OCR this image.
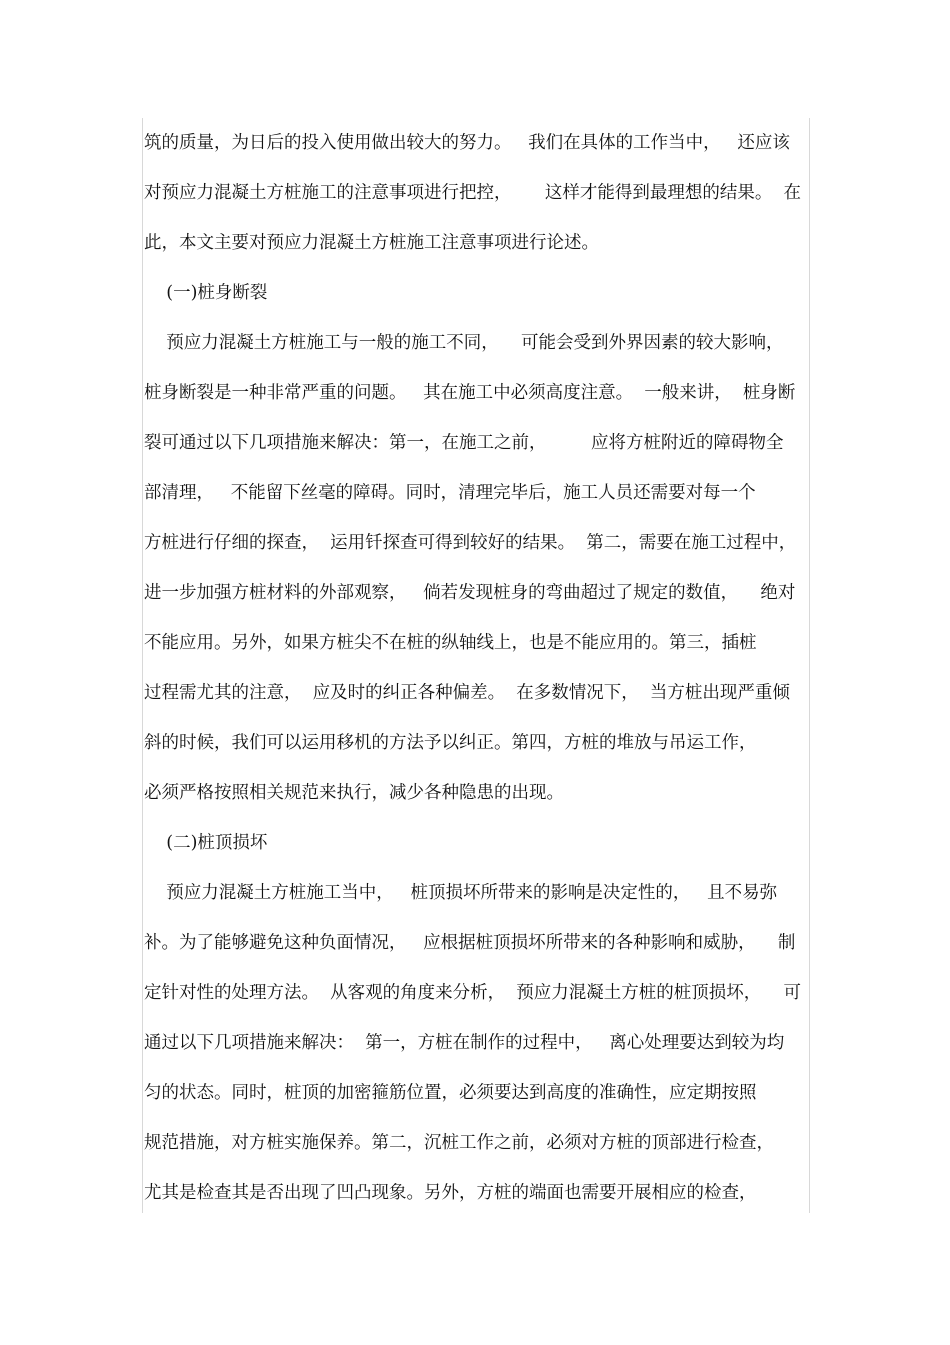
筑的质量，为日后的投入使用做出较大的努力。   我们在具体的工作当中，   还应该
对预应力混凝土方桩施工的注意事项进行把控，      这样才能得到最理想的结果。  在
此，本文主要对预应力混凝土方桩施工注意事项进行论述。
(一)桩身断裂
预应力混凝土方桩施工与一般的施工不同，    可能会受到外界因素的较大影响，
桩身断裂是一种非常严重的问题。   其在施工中必须高度注意。  一般来讲，  桩身断
裂可通过以下几项措施来解决：第一，在施工之前，        应将方桩附近的障碍物全
部清理，   不能留下丝毫的障碍。同时，清理完毕后，施工人员还需要对每一个
方桩进行仔细的探查，  运用钎探查可得到较好的结果。  第二，需要在施工过程中，
进一步加强方桩材料的外部观察，   倘若发现桩身的弯曲超过了规定的数值，    绝对
不能应用。另外，如果方桩尖不在桩的纵轴线上，也是不能应用的。第三，插桩
过程需尤其的注意，  应及时的纠正各种偏差。  在多数情况下，  当方桩出现严重倾
斜的时候，我们可以运用移机的方法予以纠正。第四，方桩的堆放与吊运工作，
必须严格按照相关规范来执行，减少各种隐患的出现。
(二)桩顶损坏
预应力混凝土方桩施工当中，   桩顶损坏所带来的影响是决定性的，   且不易弥
补。为了能够避免这种负面情况，   应根据桩顶损坏所带来的各种影响和威胁，    制
定针对性的处理方法。  从客观的角度来分析，  预应力混凝土方桩的桩顶损坏，    可
通过以下几项措施来解决：  第一，方桩在制作的过程中，   离心处理要达到较为均
匀的状态。同时，桩顶的加密箍筋位置，必须要达到高度的准确性，应定期按照
规范措施，对方桩实施保养。第二，沉桩工作之前，必须对方桩的顶部进行检查，
尤其是检查其是否出现了凹凸现象。另外，方桩的端面也需要开展相应的检查，
